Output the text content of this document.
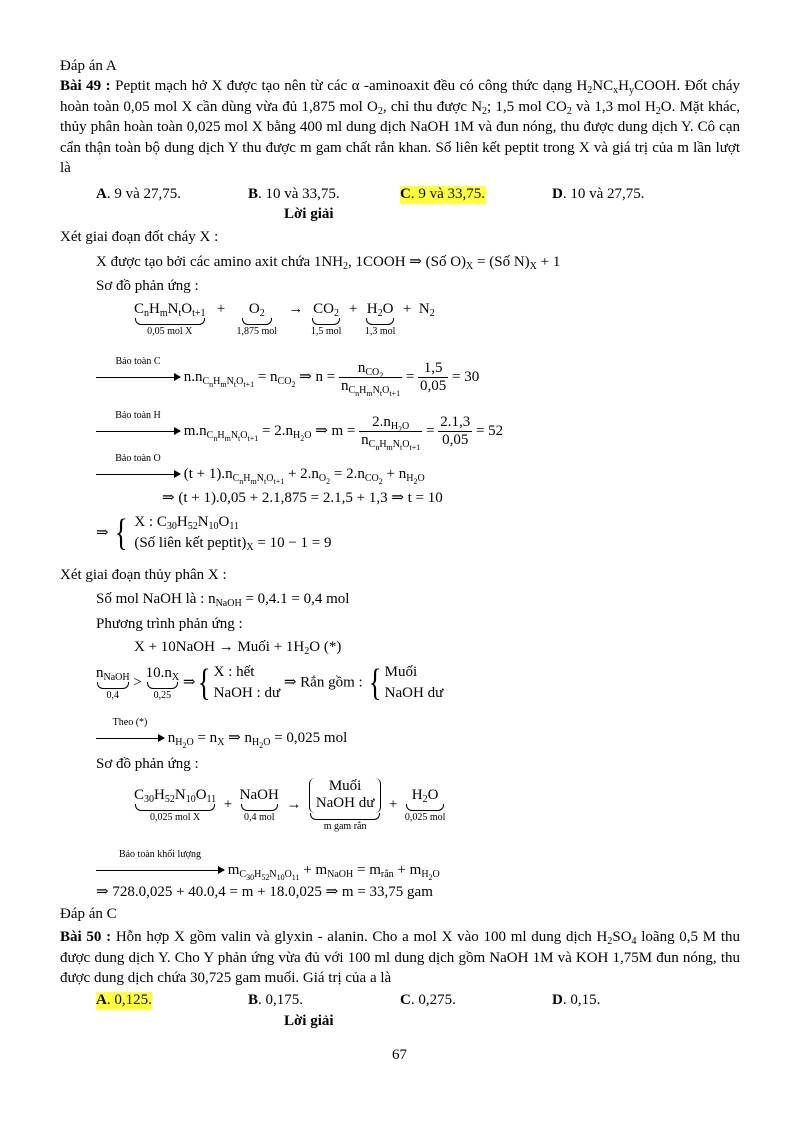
Đáp án A
Bài 49 : Peptit mạch hở X được tạo nên từ các α -aminoaxit đều có công thức dạng $H_2NC_xH_yCOOH$. Đốt cháy hoàn toàn 0,05 mol X cần dùng vừa đủ 1,875 mol $O_2$, chỉ thu được $N_2$; 1,5 mol $CO_2$ và 1,3 mol $H_2O$. Mặt khác, thủy phân hoàn toàn 0,025 mol X bằng 400 ml dung dịch NaOH 1M và đun nóng, thu được dung dịch Y. Cô cạn cẩn thận toàn bộ dung dịch Y thu được m gam chất rắn khan. Số liên kết peptit trong X và giá trị của m lần lượt là
A. 9 và 27,75.	B. 10 và 33,75.	C. 9 và 33,75.	D. 10 và 27,75.
Lời giải
Xét giai đoạn đốt cháy X :
X được tạo bởi các amino axit chứa $1NH_2$, 1COOH ⇒ (Số $O)_X$ = (Số $N)_X + 1$
Sơ đồ phản ứng :
$C_nH_mN_tO_{t+1}$
0,05 mol X
+ $O_2$
1,875 mol
→ $CO_2$
1,5 mol
+ $H_2O$
1,3 mol
+  $N_2$
Bảo toàn C
$n.n_{C_nH_mN_tO_{t+1}} = n_{CO_2}$ ⇒ $n = \frac{n_{CO_2}}{n_{C_nH_mN_tO_{t+1}}} = \frac{1,5}{0,05} = 30$
Bảo toàn H
$m.n_{C_nH_mN_tO_{t+1}} = 2.n_{H_2O}$ ⇒ $m = \frac{2.n_{H_2O}}{n_{C_nH_mN_tO_{t+1}}} = \frac{2.1,3}{0,05} = 52$
Bảo toàn O
$(t + 1).n_{C_nH_mN_tO_{t+1}} + 2.n_{O_2} = 2.n_{CO_2} + n_{H_2O}$
⇒ (t + 1).0,05 + 2.1,875 = 2.1,5 + 1,3 ⇒ t = 10
⇒ { X : $C_{30}H_{52}N_{10}O_{11}$
(Số liên kết $peptit)_X = 10 - 1 = 9$
Xét giai đoạn thủy phân X :
Số mol NaOH là : $n_{NaOH} = 0,4.1 = 0,4$ mol
Phương trình phản ứng :
X + 10NaOH → Muối + $1H_2O$ (*)
$n_{NaOH}$
0,4
>
$10.n_X$
0,25
⇒{ X : hết
NaOH : dư
⇒ Rắn gồm : { Muối
NaOH dư
Theo (*)
$n_{H_2O} = n_X$ ⇒ $n_{H_2O} = 0,025$ mol
Sơ đồ phản ứng :
$C_{30}H_{52}N_{10}O_{11}$
0,025 mol X
+
NaOH
0,4 mol
→
Muối
NaOH dư
m gam rắn
+
$H_2O$
0,025 mol
Bảo toàn khối lượng
$m_{C_{30}H_{52}N_{10}O_{11}} + m_{NaOH} = m_{rắn} + m_{H_2O}$
⇒ 728.0,025 + 40.0,4 = m + 18.0,025 ⇒ m = 33,75 gam
Đáp án C
Bài 50 : Hỗn hợp X gồm valin và glyxin - alanin. Cho a mol X vào 100 ml dung dịch $H_2SO_4$ loãng 0,5 M thu được dung dịch Y. Cho Y phản ứng vừa đủ với 100 ml dung dịch gồm NaOH 1M và KOH 1,75M đun nóng, thu được dung dịch chứa 30,725 gam muối. Giá trị của a là
A. 0,125.	B. 0,175.	C. 0,275.	D. 0,15.
Lời giải
67
